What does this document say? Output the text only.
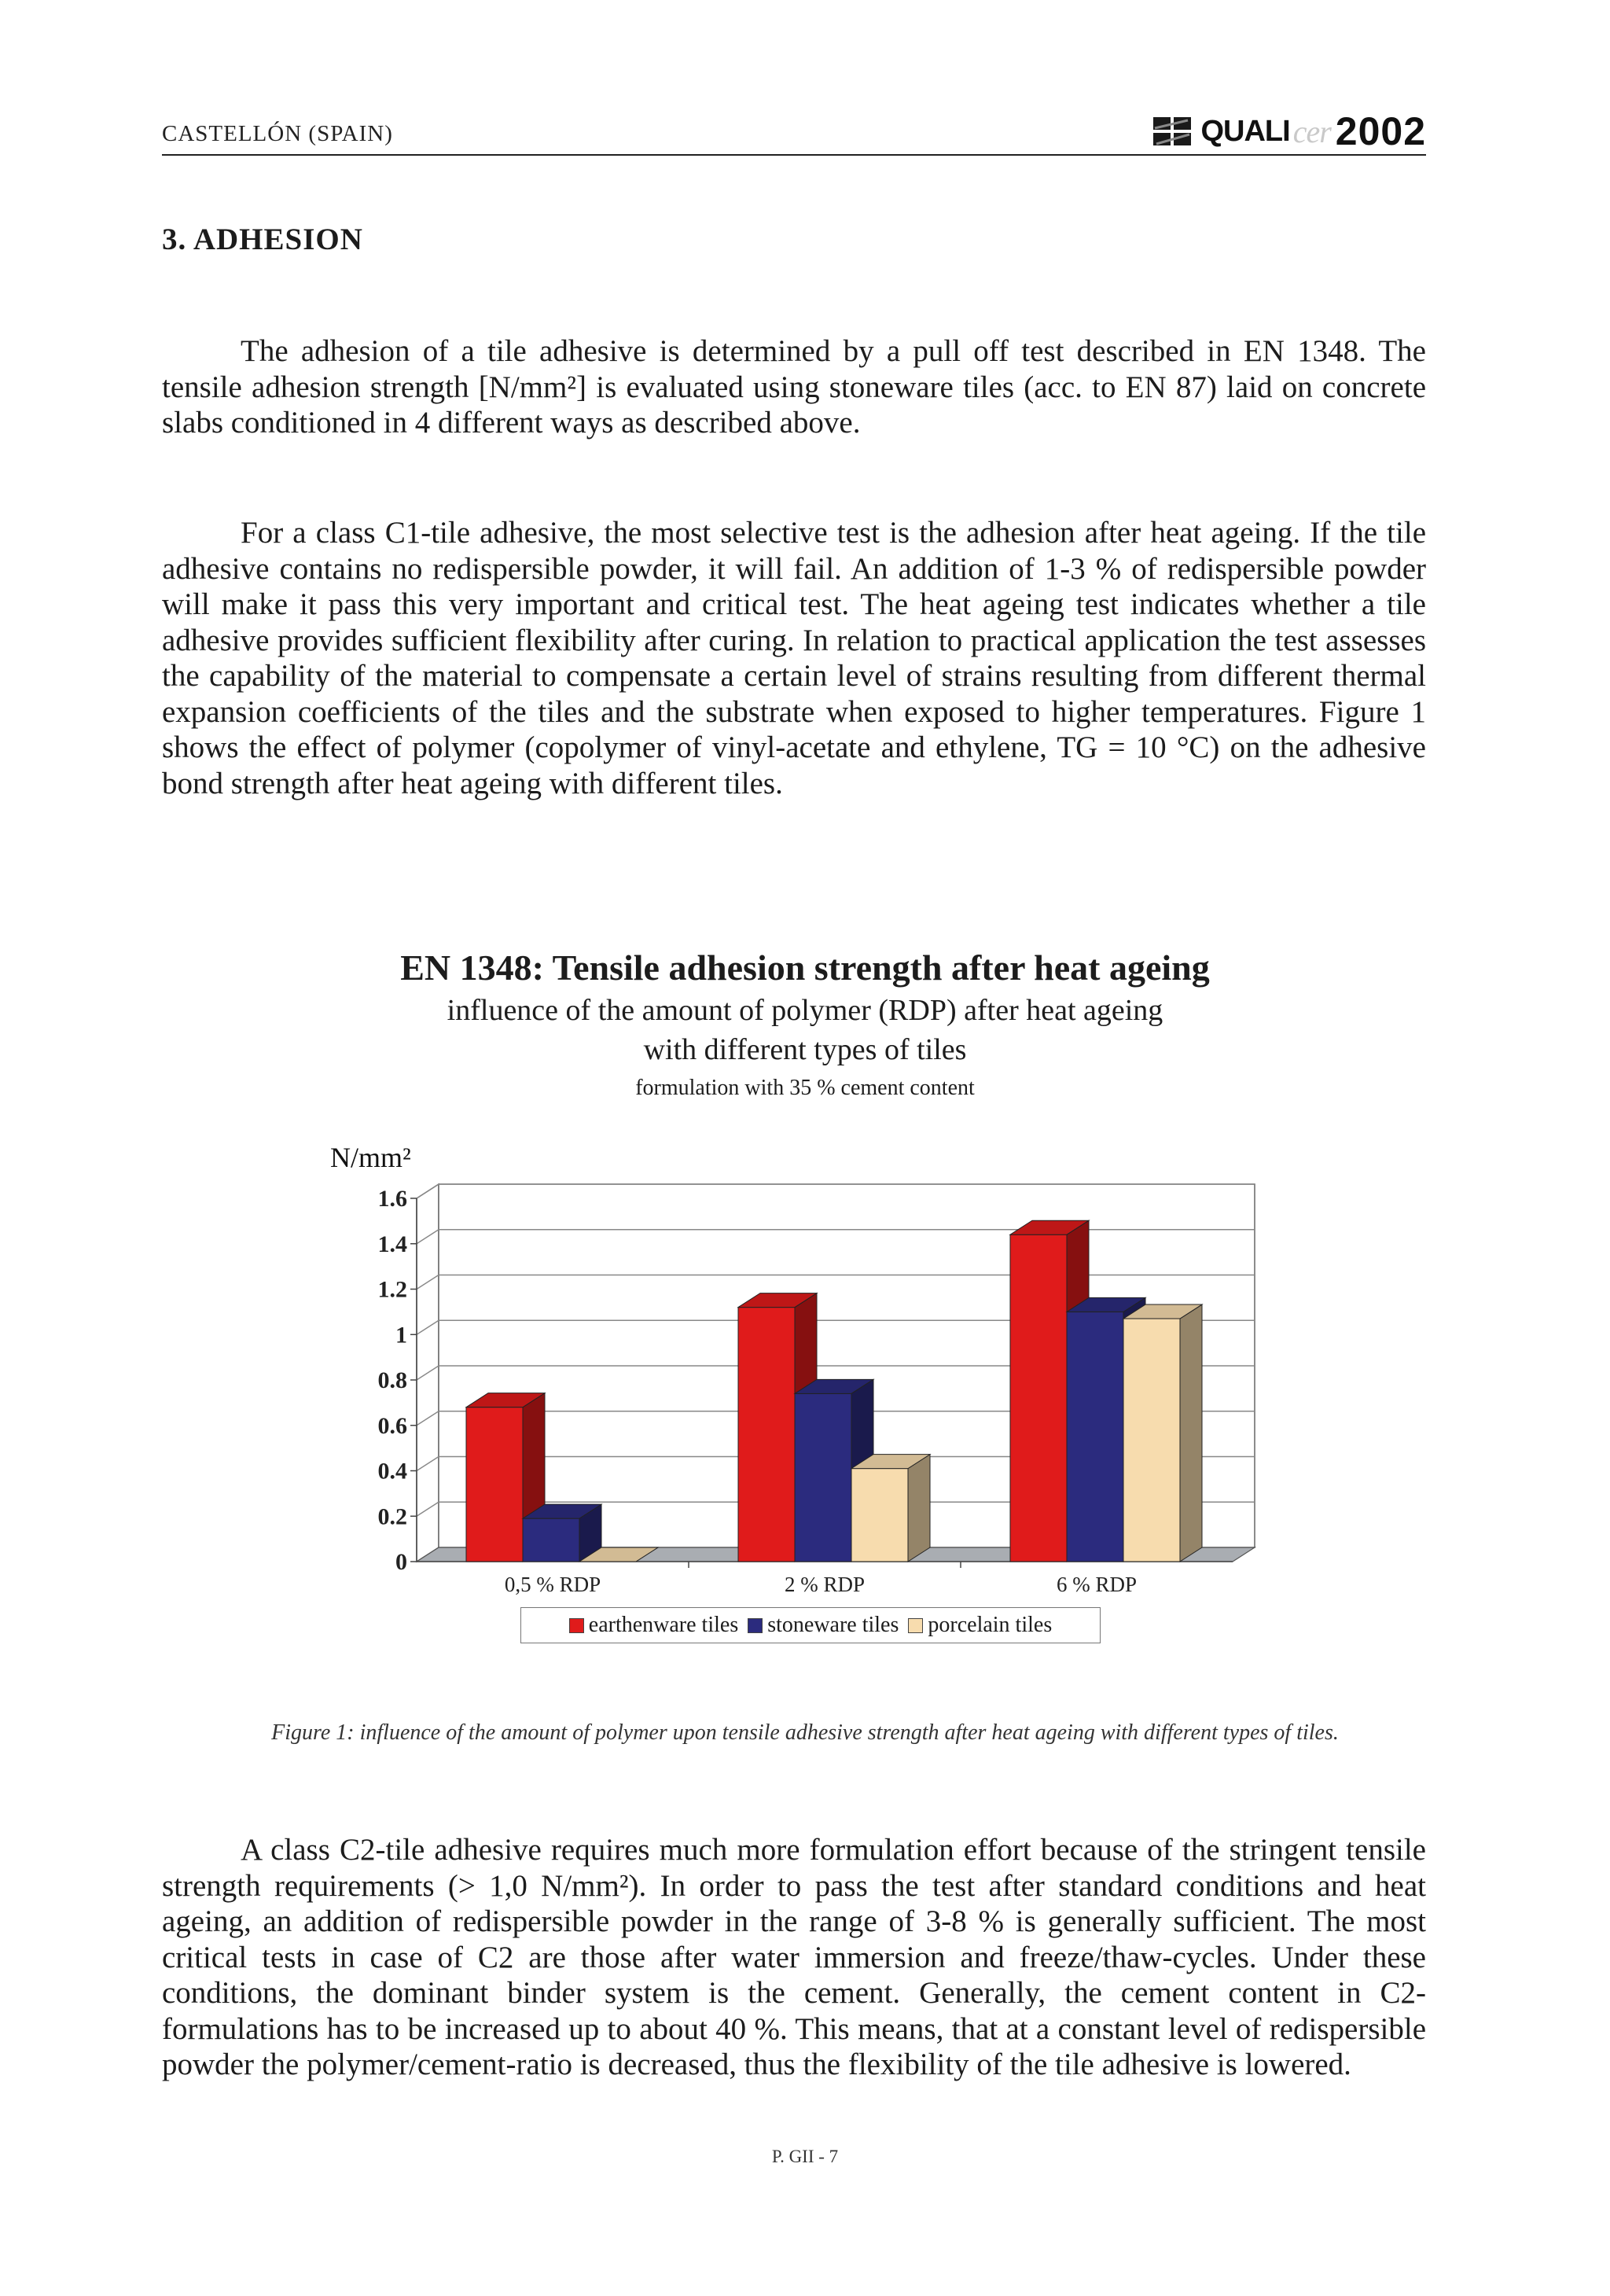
CASTELLÓN (SPAIN)	QUALI cer 2002
3. ADHESION

The adhesion of a tile adhesive is determined by a pull off test described in EN 1348. The tensile adhesion strength [N/mm²] is evaluated using stoneware tiles (acc. to EN 87) laid on concrete slabs conditioned in 4 different ways as described above.

For a class C1-tile adhesive, the most selective test is the adhesion after heat ageing. If the tile adhesive contains no redispersible powder, it will fail. An addition of 1-3 % of redispersible powder will make it pass this very important and critical test. The heat ageing test indicates whether a tile adhesive provides sufficient flexibility after curing. In relation to practical application the test assesses the capability of the material to compensate a certain level of strains resulting from different thermal expansion coefficients of the tiles and the substrate when exposed to higher temperatures. Figure 1 shows the effect of polymer (copolymer of vinyl-acetate and ethylene, TG = 10 °C) on the adhesive bond strength after heat ageing with different tiles.

EN 1348: Tensile adhesion strength after heat ageing
influence of the amount of polymer (RDP) after heat ageing
with different types of tiles
formulation with 35 % cement content
0
0.2
0.4
0.6
0.8
1
1.2
1.4
1.6
N/mm²
0,5 % RDP	2 % RDP	6 % RDP
earthenware tiles stoneware tiles porcelain tiles
Figure 1: influence of the amount of polymer upon tensile adhesive strength after heat ageing with different types of tiles.

A class C2-tile adhesive requires much more formulation effort because of the stringent tensile strength requirements (> 1,0 N/mm²). In order to pass the test after standard conditions and heat ageing, an addition of redispersible powder in the range of 3-8 % is generally sufficient. The most critical tests in case of C2 are those after water immersion and freeze/thaw-cycles. Under these conditions, the dominant binder system is the cement. Generally, the cement content in C2-formulations has to be increased up to about 40 %. This means, that at a constant level of redispersible powder the polymer/cement-ratio is decreased, thus the flexibility of the tile adhesive is lowered.

P. GII - 7
